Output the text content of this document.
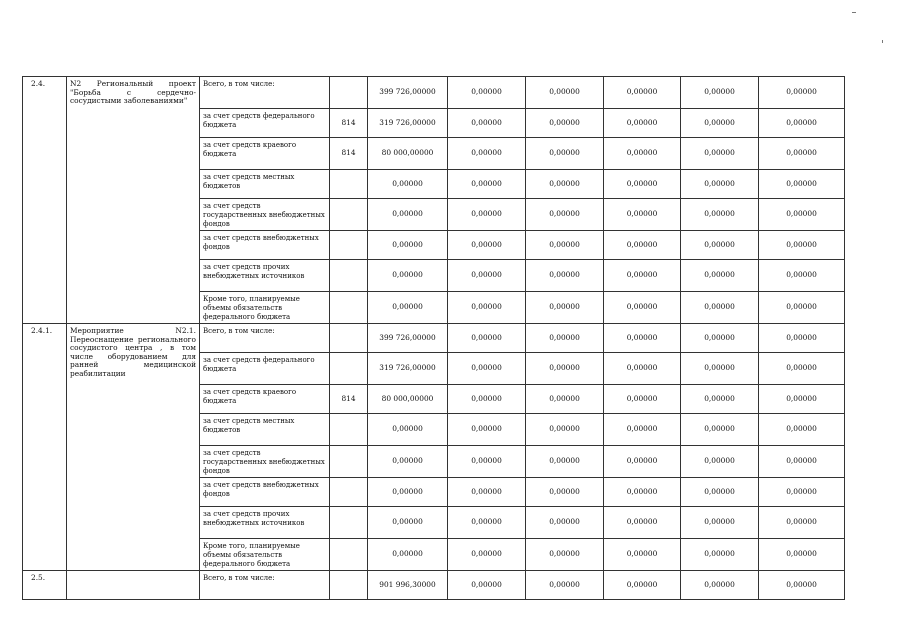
2.4.	N2 Региональный проект "Борьба с сердечно-сосудистыми заболеваниями"	Всего, в том числе:		399 726,00000	0,00000	0,00000	0,00000	0,00000	0,00000
		за счет средств федерального бюджета	814	319 726,00000	0,00000	0,00000	0,00000	0,00000	0,00000
		за счет средств краевого бюджета	814	80 000,00000	0,00000	0,00000	0,00000	0,00000	0,00000
		за счет средств местных бюджетов		0,00000	0,00000	0,00000	0,00000	0,00000	0,00000
		за счет средств государственных внебюджетных фондов		0,00000	0,00000	0,00000	0,00000	0,00000	0,00000
		за счет средств внебюджетных фондов		0,00000	0,00000	0,00000	0,00000	0,00000	0,00000
		за счет средств прочих внебюджетных источников		0,00000	0,00000	0,00000	0,00000	0,00000	0,00000
		Кроме того, планируемые объемы обязательств федерального бюджета		0,00000	0,00000	0,00000	0,00000	0,00000	0,00000
2.4.1.	Мероприятие N2.1. Переоснащение регионального сосудистого центра , в том числе оборудованием для ранней медицинской реабилитации	Всего, в том числе:		399 726,00000	0,00000	0,00000	0,00000	0,00000	0,00000
		за счет средств федерального бюджета		319 726,00000	0,00000	0,00000	0,00000	0,00000	0,00000
		за счет средств краевого бюджета	814	80 000,00000	0,00000	0,00000	0,00000	0,00000	0,00000
		за счет средств местных бюджетов		0,00000	0,00000	0,00000	0,00000	0,00000	0,00000
		за счет средств государственных внебюджетных фондов		0,00000	0,00000	0,00000	0,00000	0,00000	0,00000
		за счет средств внебюджетных фондов		0,00000	0,00000	0,00000	0,00000	0,00000	0,00000
		за счет средств прочих внебюджетных источников		0,00000	0,00000	0,00000	0,00000	0,00000	0,00000
		Кроме того, планируемые объемы обязательств федерального бюджета		0,00000	0,00000	0,00000	0,00000	0,00000	0,00000
2.5.		Всего, в том числе:		901 996,30000	0,00000	0,00000	0,00000	0,00000	0,00000
